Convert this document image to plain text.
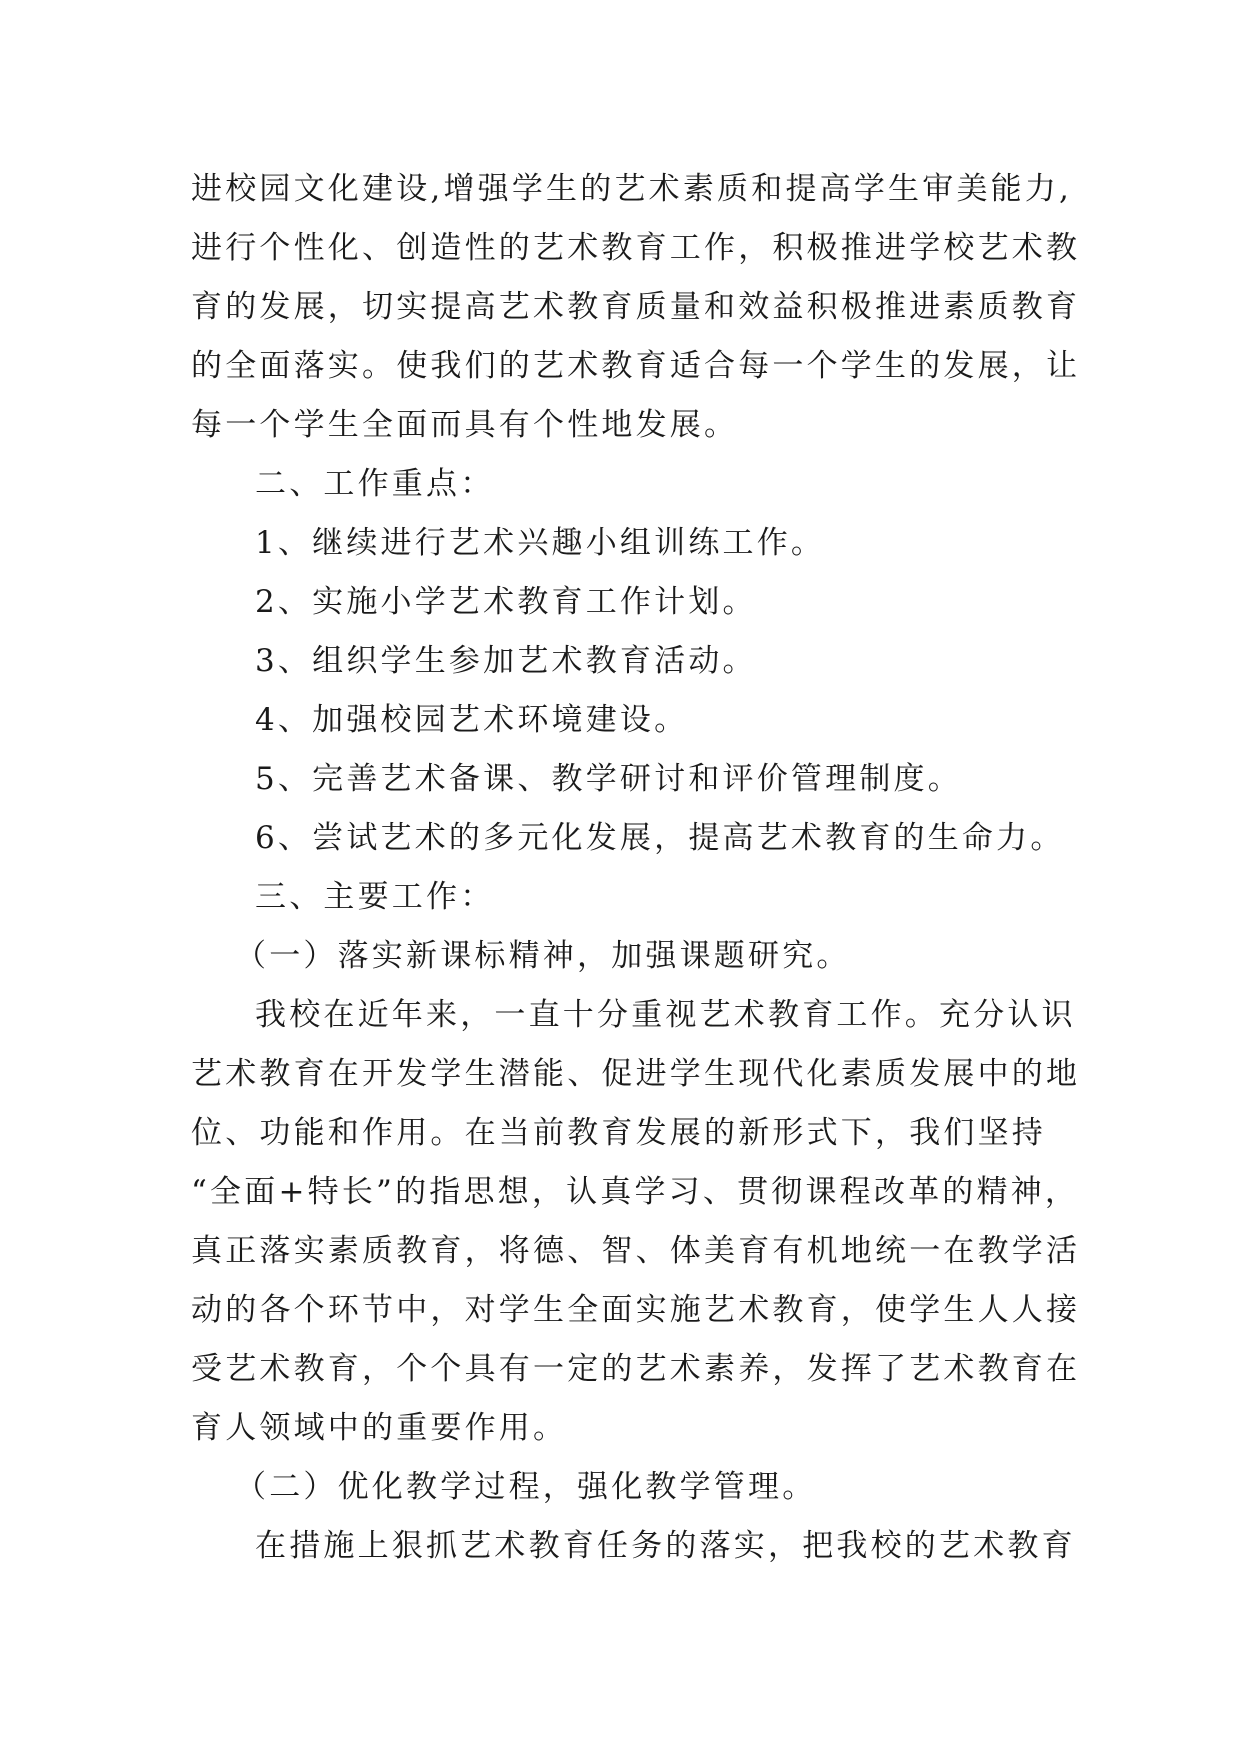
进校园文化建设,增强学生的艺术素质和提高学生审美能力,
进行个性化、创造性的艺术教育工作，积极推进学校艺术教
育的发展，切实提高艺术教育质量和效益积极推进素质教育
的全面落实。使我们的艺术教育适合每一个学生的发展，让
每一个学生全面而具有个性地发展。
二、工作重点：
1、继续进行艺术兴趣小组训练工作。
2、实施小学艺术教育工作计划。
3、组织学生参加艺术教育活动。
4、加强校园艺术环境建设。
5、完善艺术备课、教学研讨和评价管理制度。
6、尝试艺术的多元化发展，提高艺术教育的生命力。
三、主要工作：
（一）落实新课标精神，加强课题研究。
我校在近年来，一直十分重视艺术教育工作。充分认识
艺术教育在开发学生潜能、促进学生现代化素质发展中的地
位、功能和作用。在当前教育发展的新形式下，我们坚持
“全面+特长”的指思想，认真学习、贯彻课程改革的精神，
真正落实素质教育，将德、智、体美育有机地统一在教学活
动的各个环节中，对学生全面实施艺术教育，使学生人人接
受艺术教育，个个具有一定的艺术素养，发挥了艺术教育在
育人领域中的重要作用。
（二）优化教学过程，强化教学管理。
在措施上狠抓艺术教育任务的落实，把我校的艺术教育
